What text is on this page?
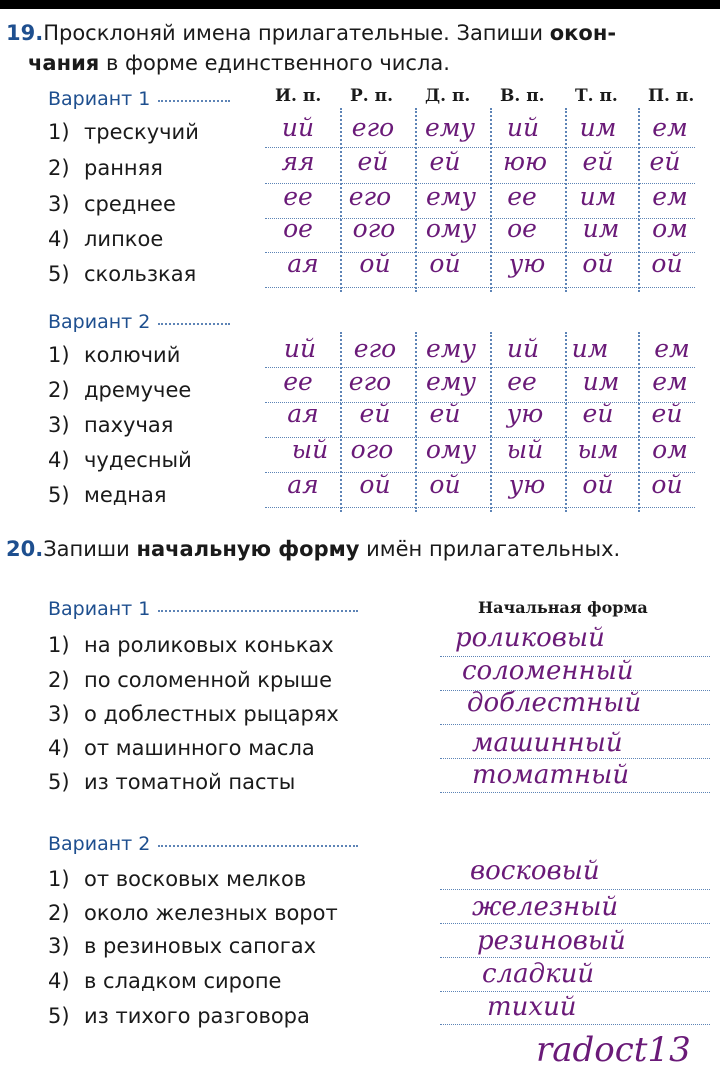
19.Просклоняй имена прилагательные. Запиши окон-
чания в форме единственного числа.
И. п. Р. п. Д. п. В. п. Т. п. П. п.
Вариант 1
1) трескучий
2) ранняя
3) среднее
4) липкое
5) скользкая
ий	его	ему	ий	им	ем
яя	ей	ей	юю	ей	ей
ее	его	ему	ее	им	ем
ое	ого	ому	ое	им	ом
ая	ой	ой	ую	ой	ой
Вариант 2
1) колючий
2) дремучее
3) пахучая
4) чудесный
5) медная
ий	его	ему	ий	им	ем
ее	его	ему	ее	им	ем
ая	ей	ей	ую	ей	ей
ый ого	ому	ый	ым	ом
ая	ой	ой	ую	ой	ой
20.Запиши начальную форму имён прилагательных.
Начальная форма
Вариант 1
1) на роликовых коньках
2) по соломенной крыше
3) о доблестных рыцарях
4) от машинного масла
5) из томатной пасты
роликовый
соломенный
доблестный
машинный
томатный
Вариант 2
1) от восковых мелков
2) около железных ворот
3) в резиновых сапогах
4) в сладком сиропе
5) из тихого разговора
восковый
железный
резиновый
сладкий
тихий
radoct13
